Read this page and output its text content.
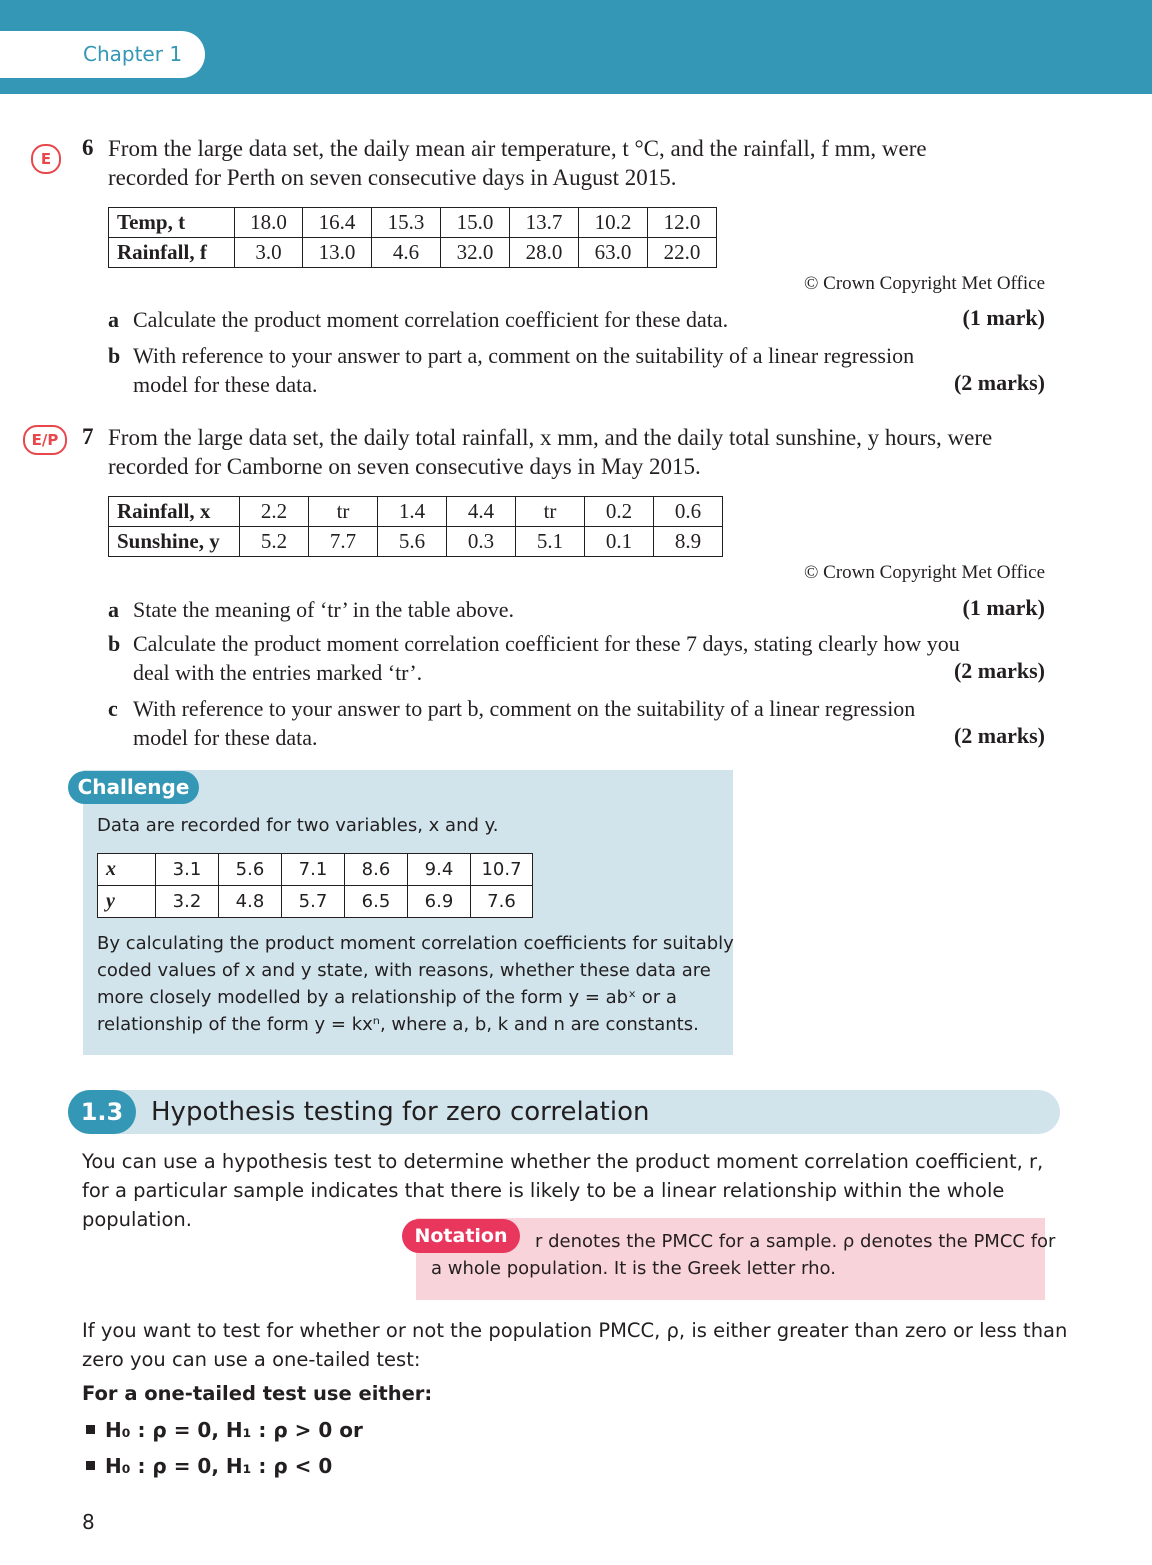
Chapter 1
E	6 From the large data set, the daily mean air temperature, t °C, and the rainfall, f mm, were
recorded for Perth on seven consecutive days in August 2015.
Temp, t	18.0	16.4	15.3	15.0	13.7	10.2	12.0
Rainfall, f	3.0	13.0	4.6	32.0	28.0	63.0	22.0
© Crown Copyright Met Office
a Calculate the product moment correlation coefficient for these data.	(1 mark)
b With reference to your answer to part a, comment on the suitability of a linear regression
model for these data.	(2 marks)
E/P	7 From the large data set, the daily total rainfall, x mm, and the daily total sunshine, y hours, were
recorded for Camborne on seven consecutive days in May 2015.
Rainfall, x	2.2	tr	1.4	4.4	tr	0.2	0.6
Sunshine, y	5.2	7.7	5.6	0.3	5.1	0.1	8.9
© Crown Copyright Met Office
a State the meaning of ‘tr’ in the table above.	(1 mark)
b Calculate the product moment correlation coefficient for these 7 days, stating clearly how you
deal with the entries marked ‘tr’.	(2 marks)
c With reference to your answer to part b, comment on the suitability of a linear regression
model for these data.	(2 marks)
Challenge
Data are recorded for two variables, x and y.
x	3.1	5.6	7.1	8.6	9.4	10.7
y	3.2	4.8	5.7	6.5	6.9	7.6
By calculating the product moment correlation coefficients for suitably
coded values of x and y state, with reasons, whether these data are
more closely modelled by a relationship of the form y = abˣ or a
relationship of the form y = kxⁿ, where a, b, k and n are constants.
1.3	Hypothesis testing for zero correlation
You can use a hypothesis test to determine whether the product moment correlation coefficient, r,
for a particular sample indicates that there is likely to be a linear relationship within the whole
population.
Notation	r denotes the PMCC for a sample. ρ denotes the PMCC for
a whole population. It is the Greek letter rho.
If you want to test for whether or not the population PMCC, ρ, is either greater than zero or less than
zero you can use a one-tailed test:
For a one-tailed test use either:
H₀ : ρ = 0, H₁ : ρ > 0 or
H₀ : ρ = 0, H₁ : ρ < 0
8
